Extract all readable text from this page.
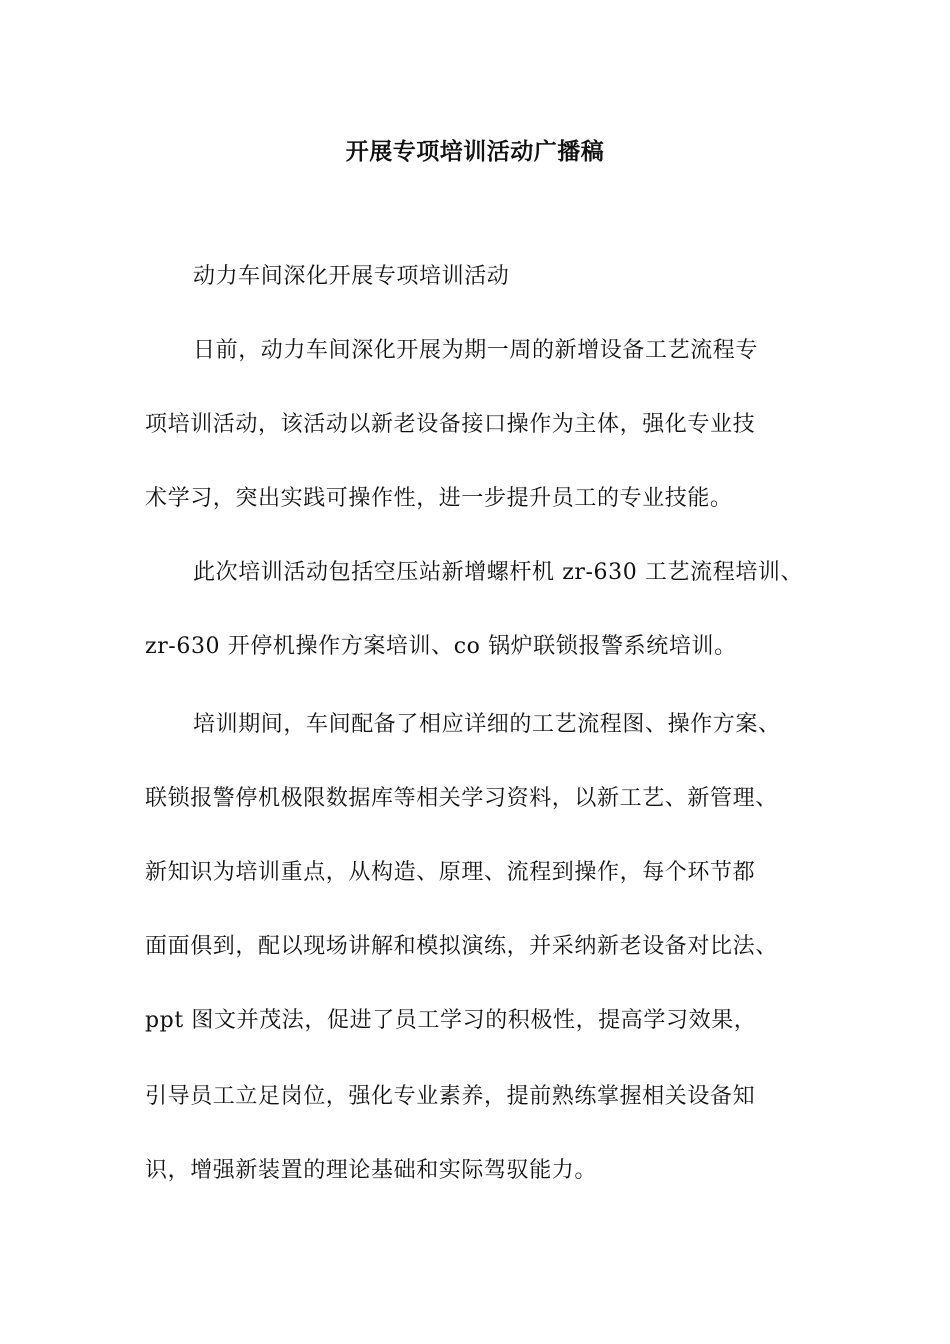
开展专项培训活动广播稿
动力车间深化开展专项培训活动
日前，动力车间深化开展为期一周的新增设备工艺流程专
项培训活动，该活动以新老设备接口操作为主体，强化专业技
术学习，突出实践可操作性，进一步提升员工的专业技能。
此次培训活动包括空压站新增螺杆机 zr-630 工艺流程培训、
zr-630 开停机操作方案培训、co 锅炉联锁报警系统培训。
培训期间，车间配备了相应详细的工艺流程图、操作方案、
联锁报警停机极限数据库等相关学习资料，以新工艺、新管理、
新知识为培训重点，从构造、原理、流程到操作，每个环节都
面面俱到，配以现场讲解和模拟演练，并采纳新老设备对比法、
ppt 图文并茂法，促进了员工学习的积极性，提高学习效果，
引导员工立足岗位，强化专业素养，提前熟练掌握相关设备知
识，增强新装置的理论基础和实际驾驭能力。
